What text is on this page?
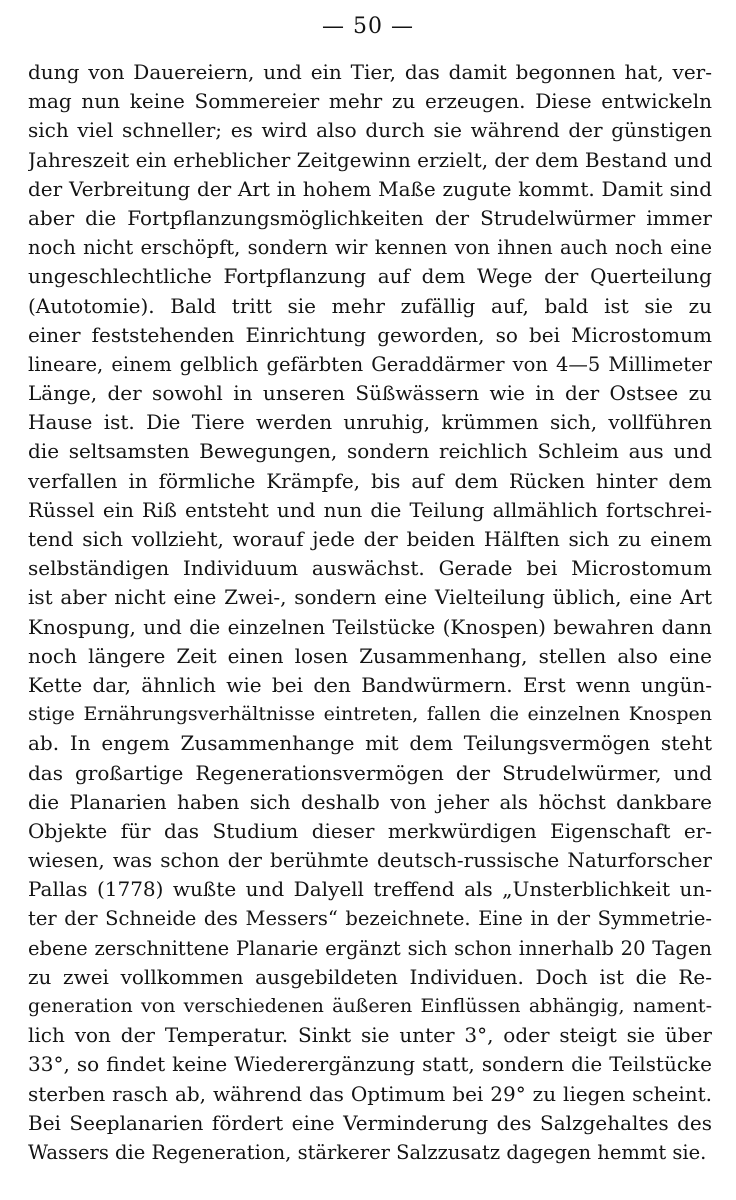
— 50 —
dung von Dauereiern, und ein Tier, das damit begonnen hat, ver-
mag nun keine Sommereier mehr zu erzeugen. Diese entwickeln
sich viel schneller; es wird also durch sie während der günstigen
Jahreszeit ein erheblicher Zeitgewinn erzielt, der dem Bestand und
der Verbreitung der Art in hohem Maße zugute kommt. Damit sind
aber die Fortpflanzungsmöglichkeiten der Strudelwürmer immer
noch nicht erschöpft, sondern wir kennen von ihnen auch noch eine
ungeschlechtliche Fortpflanzung auf dem Wege der Querteilung
(Autotomie). Bald tritt sie mehr zufällig auf, bald ist sie zu
einer feststehenden Einrichtung geworden, so bei Microstomum
lineare, einem gelblich gefärbten Geraddärmer von 4—5 Millimeter
Länge, der sowohl in unseren Süßwässern wie in der Ostsee zu
Hause ist. Die Tiere werden unruhig, krümmen sich, vollführen
die seltsamsten Bewegungen, sondern reichlich Schleim aus und
verfallen in förmliche Krämpfe, bis auf dem Rücken hinter dem
Rüssel ein Riß entsteht und nun die Teilung allmählich fortschrei-
tend sich vollzieht, worauf jede der beiden Hälften sich zu einem
selbständigen Individuum auswächst. Gerade bei Microstomum
ist aber nicht eine Zwei-, sondern eine Vielteilung üblich, eine Art
Knospung, und die einzelnen Teilstücke (Knospen) bewahren dann
noch längere Zeit einen losen Zusammenhang, stellen also eine
Kette dar, ähnlich wie bei den Bandwürmern. Erst wenn ungün-
stige Ernährungsverhältnisse eintreten, fallen die einzelnen Knospen
ab. In engem Zusammenhange mit dem Teilungsvermögen steht
das großartige Regenerationsvermögen der Strudelwürmer, und
die Planarien haben sich deshalb von jeher als höchst dankbare
Objekte für das Studium dieser merkwürdigen Eigenschaft er-
wiesen, was schon der berühmte deutsch-russische Naturforscher
Pallas (1778) wußte und Dalyell treffend als „Unsterblichkeit un-
ter der Schneide des Messers“ bezeichnete. Eine in der Symmetrie-
ebene zerschnittene Planarie ergänzt sich schon innerhalb 20 Tagen
zu zwei vollkommen ausgebildeten Individuen. Doch ist die Re-
generation von verschiedenen äußeren Einflüssen abhängig, nament-
lich von der Temperatur. Sinkt sie unter 3°, oder steigt sie über
33°, so findet keine Wiederergänzung statt, sondern die Teilstücke
sterben rasch ab, während das Optimum bei 29° zu liegen scheint.
Bei Seeplanarien fördert eine Verminderung des Salzgehaltes des
Wassers die Regeneration, stärkerer Salzzusatz dagegen hemmt sie.
